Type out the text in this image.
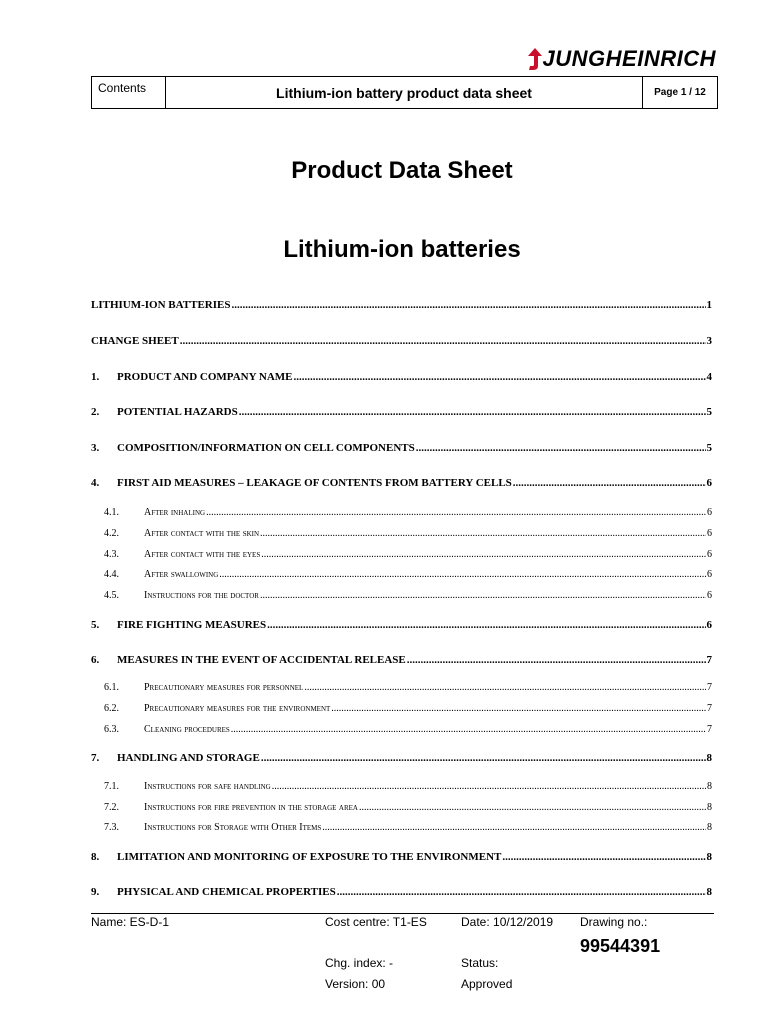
JUNGHEINRICH
Contents	Lithium-ion battery product data sheet	Page 1 / 12
Product Data Sheet
Lithium-ion batteries
LITHIUM-ION BATTERIES .....	1
CHANGE SHEET .....	3
1.	PRODUCT AND COMPANY NAME .....	4
2.	POTENTIAL HAZARDS .....	5
3.	COMPOSITION/INFORMATION ON CELL COMPONENTS .....	5
4.	FIRST AID MEASURES – LEAKAGE OF CONTENTS FROM BATTERY CELLS .....	6
4.1.	After inhaling .....	6
4.2.	After contact with the skin .....	6
4.3.	After contact with the eyes .....	6
4.4.	After swallowing .....	6
4.5.	Instructions for the doctor .....	6
5.	FIRE FIGHTING MEASURES .....	6
6.	MEASURES IN THE EVENT OF ACCIDENTAL RELEASE .....	7
6.1.	Precautionary measures for personnel .....	7
6.2.	Precautionary measures for the environment .....	7
6.3.	Cleaning procedures .....	7
7.	HANDLING AND STORAGE .....	8
7.1.	Instructions for safe handling .....	8
7.2.	Instructions for fire prevention in the storage area .....	8
7.3.	Instructions for Storage with Other Items .....	8
8.	LIMITATION AND MONITORING OF EXPOSURE TO THE ENVIRONMENT .....	8
9.	PHYSICAL AND CHEMICAL PROPERTIES .....	8
Name: ES-D-1	Cost centre: T1-ES	Date: 10/12/2019 Drawing no.:
99544391
Chg. index: -	Status:
Version: 00	Approved
